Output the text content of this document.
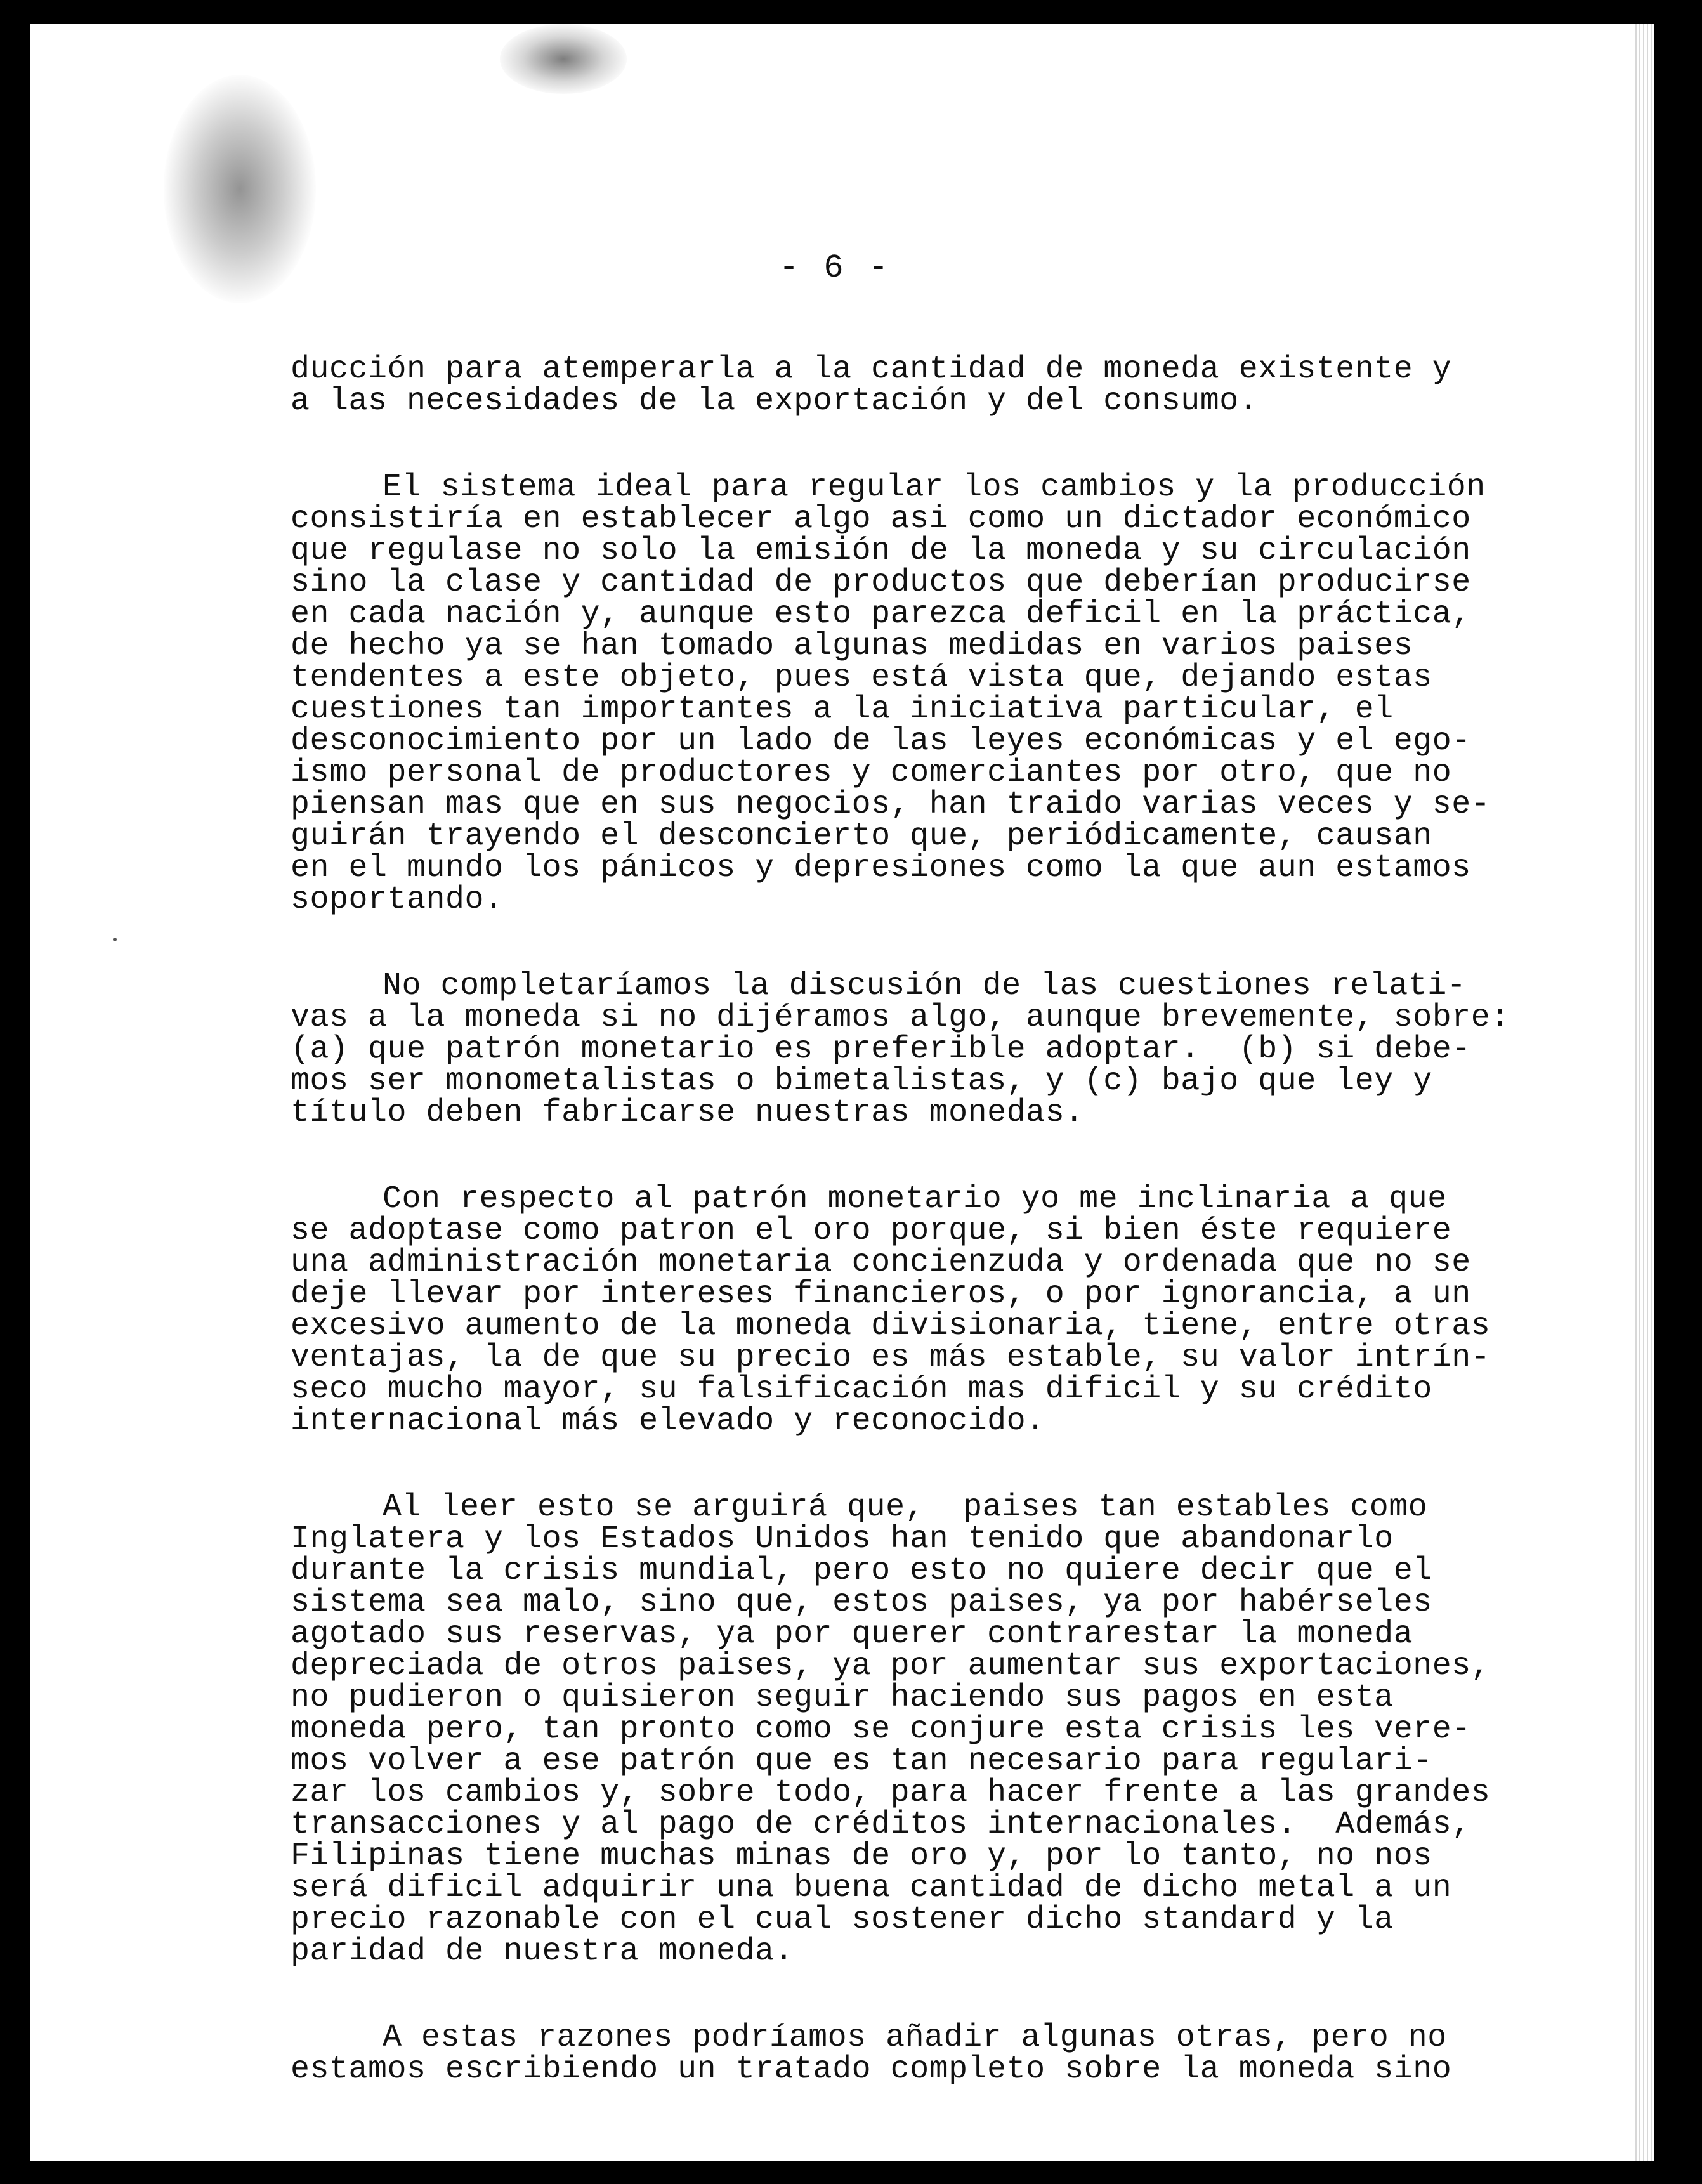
- 6 -
ducción para atemperarla a la cantidad de moneda existente y
a las necesidades de la exportación y del consumo.
El sistema ideal para regular los cambios y la producción
consistiría en establecer algo asi como un dictador económico
que regulase no solo la emisión de la moneda y su circulación
sino la clase y cantidad de productos que deberían producirse
en cada nación y, aunque esto parezca deficil en la práctica,
de hecho ya se han tomado algunas medidas en varios paises
tendentes a este objeto, pues está vista que, dejando estas
cuestiones tan importantes a la iniciativa particular, el
desconocimiento por un lado de las leyes económicas y el ego-
ismo personal de productores y comerciantes por otro, que no
piensan mas que en sus negocios, han traido varias veces y se-
guirán trayendo el desconcierto que, periódicamente, causan
en el mundo los pánicos y depresiones como la que aun estamos
soportando.
No completaríamos la discusión de las cuestiones relati-
vas a la moneda si no dijéramos algo, aunque brevemente, sobre:
(a) que patrón monetario es preferible adoptar.  (b) si debe-
mos ser monometalistas o bimetalistas, y (c) bajo que ley y
título deben fabricarse nuestras monedas.
Con respecto al patrón monetario yo me inclinaria a que
se adoptase como patron el oro porque, si bien éste requiere
una administración monetaria concienzuda y ordenada que no se
deje llevar por intereses financieros, o por ignorancia, a un
excesivo aumento de la moneda divisionaria, tiene, entre otras
ventajas, la de que su precio es más estable, su valor intrín-
seco mucho mayor, su falsificación mas dificil y su crédito
internacional más elevado y reconocido.
Al leer esto se arguirá que,  paises tan estables como
Inglatera y los Estados Unidos han tenido que abandonarlo
durante la crisis mundial, pero esto no quiere decir que el
sistema sea malo, sino que, estos paises, ya por habérseles
agotado sus reservas, ya por querer contrarestar la moneda
depreciada de otros paises, ya por aumentar sus exportaciones,
no pudieron o quisieron seguir haciendo sus pagos en esta
moneda pero, tan pronto como se conjure esta crisis les vere-
mos volver a ese patrón que es tan necesario para regulari-
zar los cambios y, sobre todo, para hacer frente a las grandes
transacciones y al pago de créditos internacionales.  Además,
Filipinas tiene muchas minas de oro y, por lo tanto, no nos
será dificil adquirir una buena cantidad de dicho metal a un
precio razonable con el cual sostener dicho standard y la
paridad de nuestra moneda.
A estas razones podríamos añadir algunas otras, pero no
estamos escribiendo un tratado completo sobre la moneda sino
